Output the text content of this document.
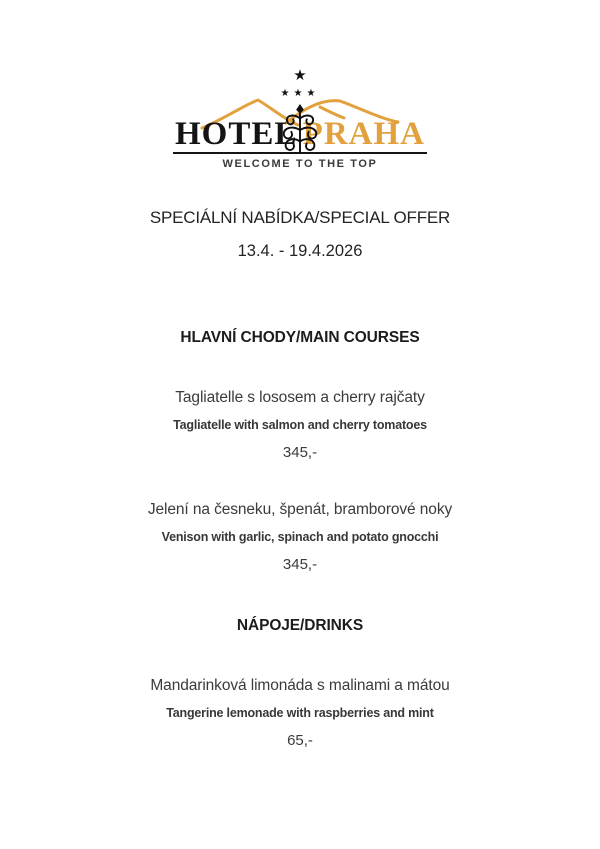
★
★★★
HOTEL PRAHA
WELCOME TO THE TOP
SPECIÁLNÍ NABÍDKA/SPECIAL OFFER
13.4. - 19.4.2026
HLAVNÍ CHODY/MAIN COURSES
Tagliatelle s lososem a cherry rajčaty
Tagliatelle with salmon and cherry tomatoes
345,-
Jelení na česneku, špenát, bramborové noky
Venison with garlic, spinach and potato gnocchi
345,-
NÁPOJE/DRINKS
Mandarinková limonáda s malinami a mátou
Tangerine lemonade with raspberries and mint
65,-
